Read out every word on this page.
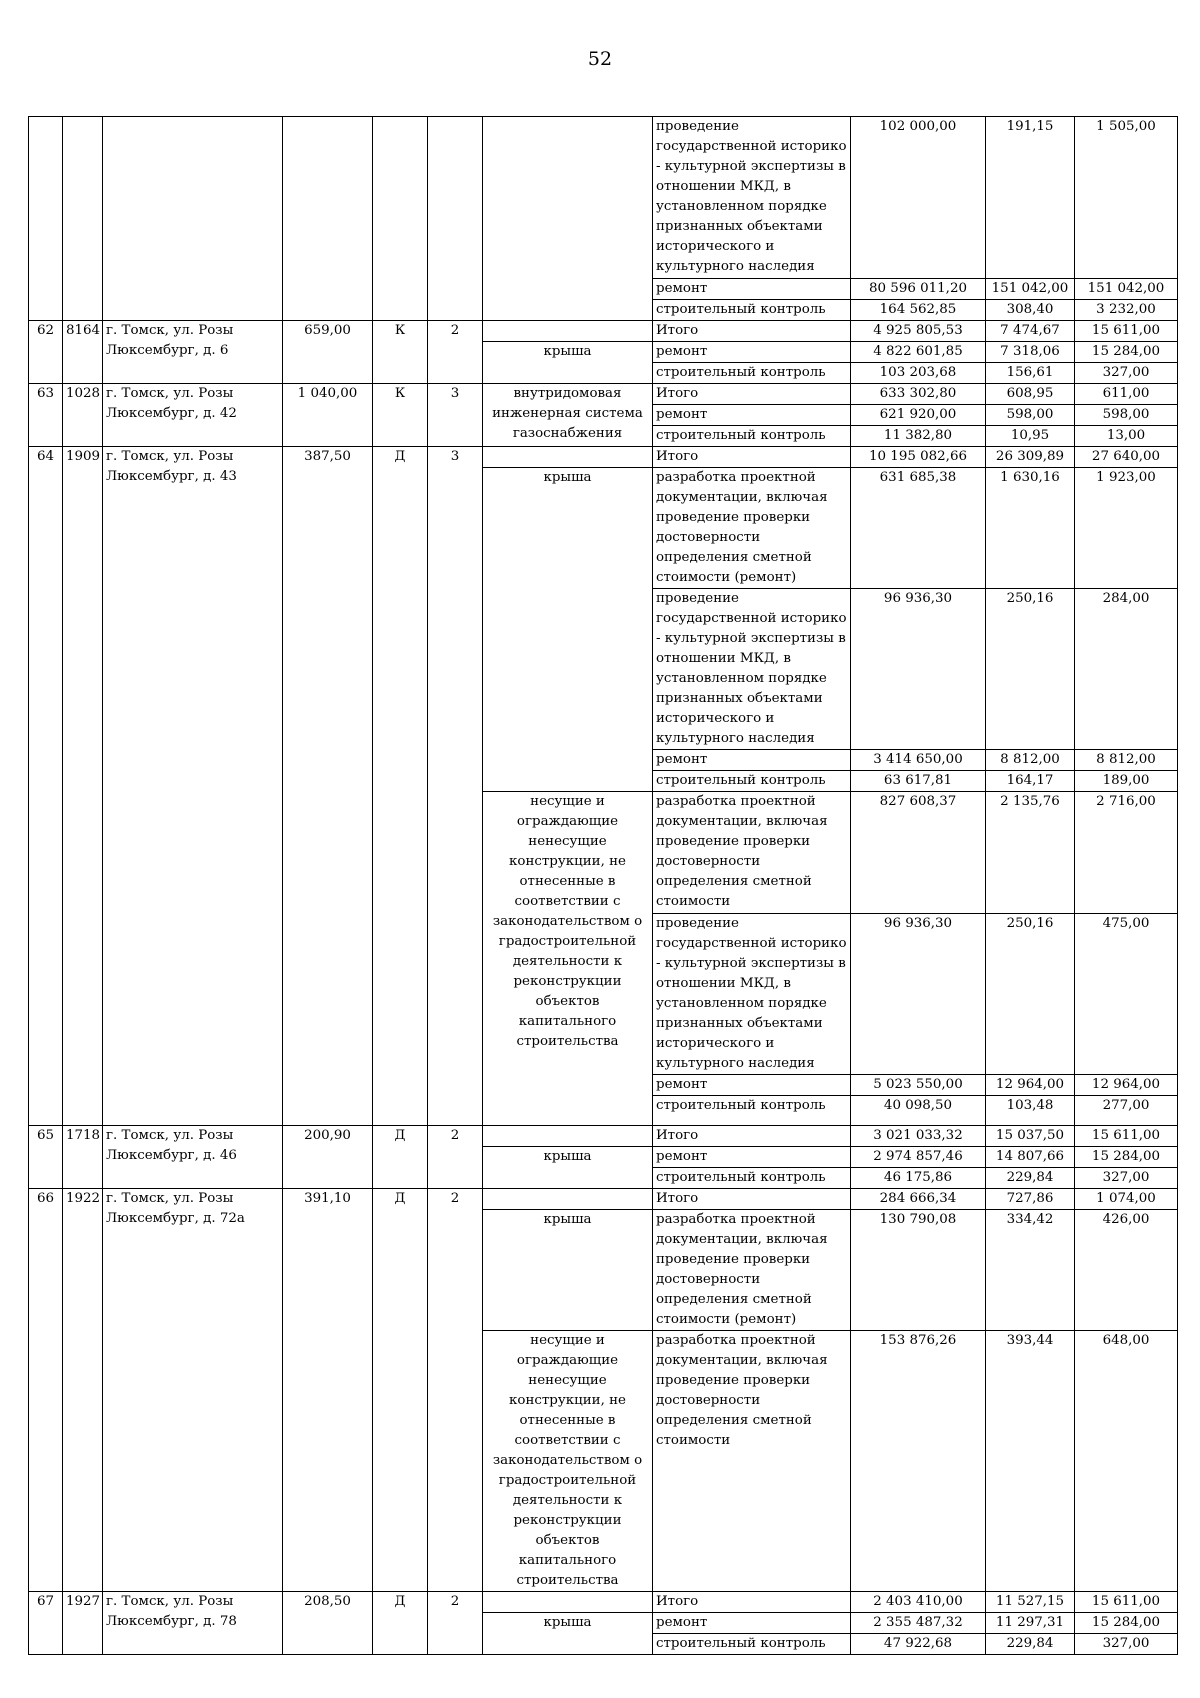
52
							проведение государственной историко - культурной экспертизы в отношении МКД, в установленном порядке признанных объектами исторического и культурного наследия	102 000,00	191,15	1 505,00
							ремонт	80 596 011,20	151 042,00	151 042,00
							строительный контроль	164 562,85	308,40	3 232,00
62	8164	г. Томск, ул. Розы Люксембург, д. 6	659,00	К	2		Итого	4 925 805,53	7 474,67	15 611,00
						крыша	ремонт	4 822 601,85	7 318,06	15 284,00
							строительный контроль	103 203,68	156,61	327,00
63	1028	г. Томск, ул. Розы Люксембург, д. 42	1 040,00	К	3	внутридомовая инженерная система газоснабжения	Итого	633 302,80	608,95	611,00
							ремонт	621 920,00	598,00	598,00
							строительный контроль	11 382,80	10,95	13,00
64	1909	г. Томск, ул. Розы Люксембург, д. 43	387,50	Д	3		Итого	10 195 082,66	26 309,89	27 640,00
						крыша	разработка проектной документации, включая проведение проверки достоверности определения сметной стоимости (ремонт)	631 685,38	1 630,16	1 923,00
							проведение государственной историко - культурной экспертизы в отношении МКД, в установленном порядке признанных объектами исторического и культурного наследия	96 936,30	250,16	284,00
							ремонт	3 414 650,00	8 812,00	8 812,00
							строительный контроль	63 617,81	164,17	189,00
						несущие и ограждающие ненесущие конструкции, не отнесенные в соответствии с законодательством о градостроительной деятельности к реконструкции объектов капитального строительства	разработка проектной документации, включая проведение проверки достоверности определения сметной стоимости	827 608,37	2 135,76	2 716,00
							проведение государственной историко - культурной экспертизы в отношении МКД, в установленном порядке признанных объектами исторического и культурного наследия	96 936,30	250,16	475,00
							ремонт	5 023 550,00	12 964,00	12 964,00
							строительный контроль	40 098,50	103,48	277,00
65	1718	г. Томск, ул. Розы Люксембург, д. 46	200,90	Д	2		Итого	3 021 033,32	15 037,50	15 611,00
						крыша	ремонт	2 974 857,46	14 807,66	15 284,00
							строительный контроль	46 175,86	229,84	327,00
66	1922	г. Томск, ул. Розы Люксембург, д. 72а	391,10	Д	2		Итого	284 666,34	727,86	1 074,00
						крыша	разработка проектной документации, включая проведение проверки достоверности определения сметной стоимости (ремонт)	130 790,08	334,42	426,00
						несущие и ограждающие ненесущие конструкции, не отнесенные в соответствии с законодательством о градостроительной деятельности к реконструкции объектов капитального строительства	разработка проектной документации, включая проведение проверки достоверности определения сметной стоимости	153 876,26	393,44	648,00
67	1927	г. Томск, ул. Розы Люксембург, д. 78	208,50	Д	2		Итого	2 403 410,00	11 527,15	15 611,00
						крыша	ремонт	2 355 487,32	11 297,31	15 284,00
							строительный контроль	47 922,68	229,84	327,00
